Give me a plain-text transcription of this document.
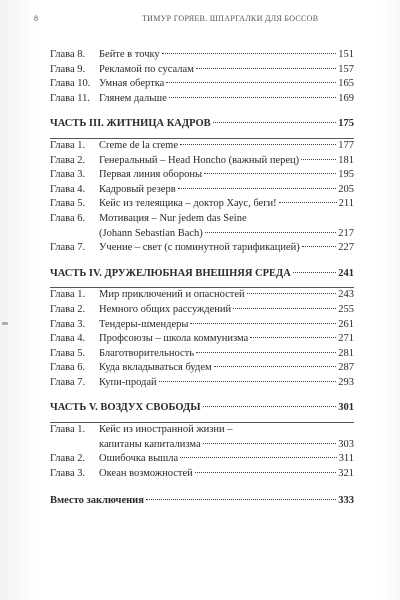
8	ТИМУР ГОРЯЕВ. ШПАРГАЛКИ ДЛЯ БОССОВ
Глава 8.	Бейте в точку	151
Глава 9.	Рекламой по сусалам	157
Глава 10. Умная обертка	165
Глава 11. Глянем дальше	169
ЧАСТЬ III. ЖИТНИЦА КАДРОВ	175
Глава 1.	Creme de la creme	177
Глава 2.	Генеральный – Head Honcho (важный перец)	181
Глава 3.	Первая линия обороны	195
Глава 4.	Кадровый резерв	205
Глава 5.	Кейс из телеящика – доктор Хаус, беги!	211
Глава 6.	Мотивация – Nur jedem das Seine
(Johann Sebastian Bach)	217
Глава 7.	Учение – свет (с поминутной тарификацией)	227
ЧАСТЬ IV. ДРУЖЕЛЮБНАЯ ВНЕШНЯЯ СРЕДА	241
Глава 1.	Мир приключений и опасностей	243
Глава 2.	Немного общих рассуждений	255
Глава 3.	Тендеры-шмендеры	261
Глава 4.	Профсоюзы – школа коммунизма	271
Глава 5.	Благотворительность	281
Глава 6.	Куда вкладываться будем	287
Глава 7.	Купи-продай	293
ЧАСТЬ V. ВОЗДУХ СВОБОДЫ	301
Глава 1.	Кейс из иностранной жизни –
капитаны капитализма	303
Глава 2.	Ошибочка вышла	311
Глава 3.	Океан возможностей	321
Вместо заключения	333
